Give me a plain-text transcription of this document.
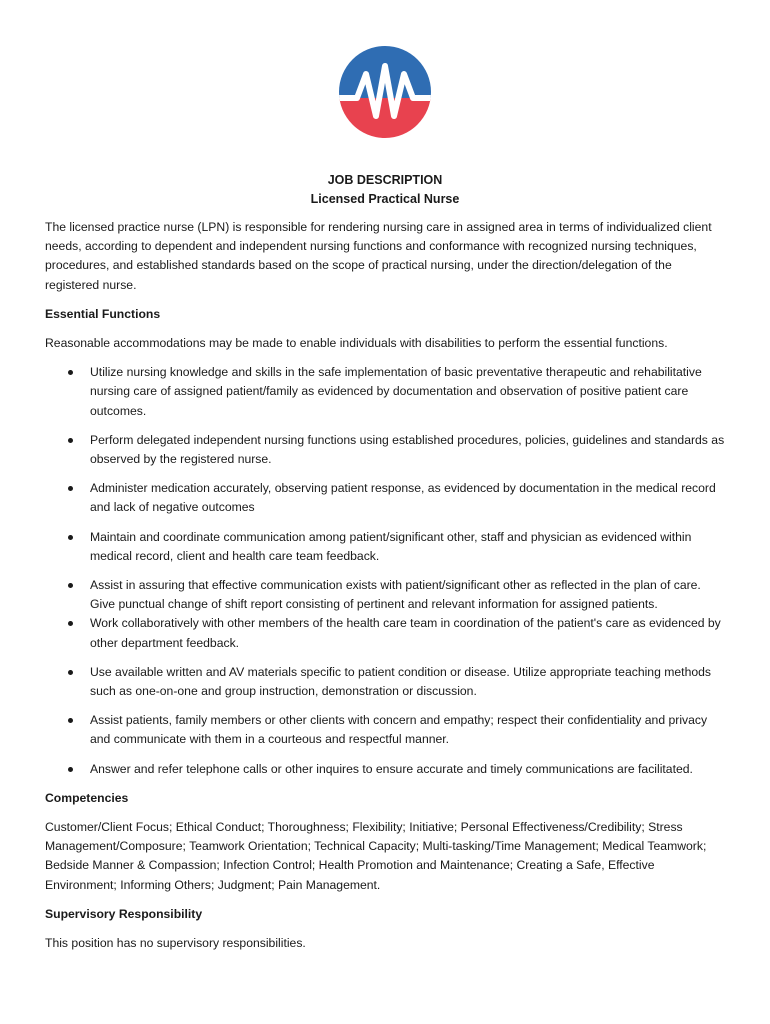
JOB DESCRIPTION
Licensed Practical Nurse

The licensed practice nurse (LPN) is responsible for rendering nursing care in assigned area in terms of individualized client needs, according to dependent and independent nursing functions and conformance with recognized nursing techniques, procedures, and established standards based on the scope of practical nursing, under the direction/delegation of the registered nurse.

Essential Functions

Reasonable accommodations may be made to enable individuals with disabilities to perform the essential functions.

Utilize nursing knowledge and skills in the safe implementation of basic preventative therapeutic and rehabilitative nursing care of assigned patient/family as evidenced by documentation and observation of positive patient care outcomes.
Perform delegated independent nursing functions using established procedures, policies, guidelines and standards as observed by the registered nurse.
Administer medication accurately, observing patient response, as evidenced by documentation in the medical record and lack of negative outcomes
Maintain and coordinate communication among patient/significant other, staff and physician as evidenced within medical record, client and health care team feedback.
Assist in assuring that effective communication exists with patient/significant other as reflected in the plan of care. Give punctual change of shift report consisting of pertinent and relevant information for assigned patients.
Work collaboratively with other members of the health care team in coordination of the patient's care as evidenced by other department feedback.
Use available written and AV materials specific to patient condition or disease. Utilize appropriate teaching methods such as one-on-one and group instruction, demonstration or discussion.
Assist patients, family members or other clients with concern and empathy; respect their confidentiality and privacy and communicate with them in a courteous and respectful manner.
Answer and refer telephone calls or other inquires to ensure accurate and timely communications are facilitated.

Competencies

Customer/Client Focus; Ethical Conduct; Thoroughness; Flexibility; Initiative; Personal Effectiveness/Credibility; Stress Management/Composure; Teamwork Orientation; Technical Capacity; Multi-tasking/Time Management; Medical Teamwork; Bedside Manner & Compassion; Infection Control; Health Promotion and Maintenance; Creating a Safe, Effective Environment; Informing Others; Judgment; Pain Management.

Supervisory Responsibility

This position has no supervisory responsibilities.
